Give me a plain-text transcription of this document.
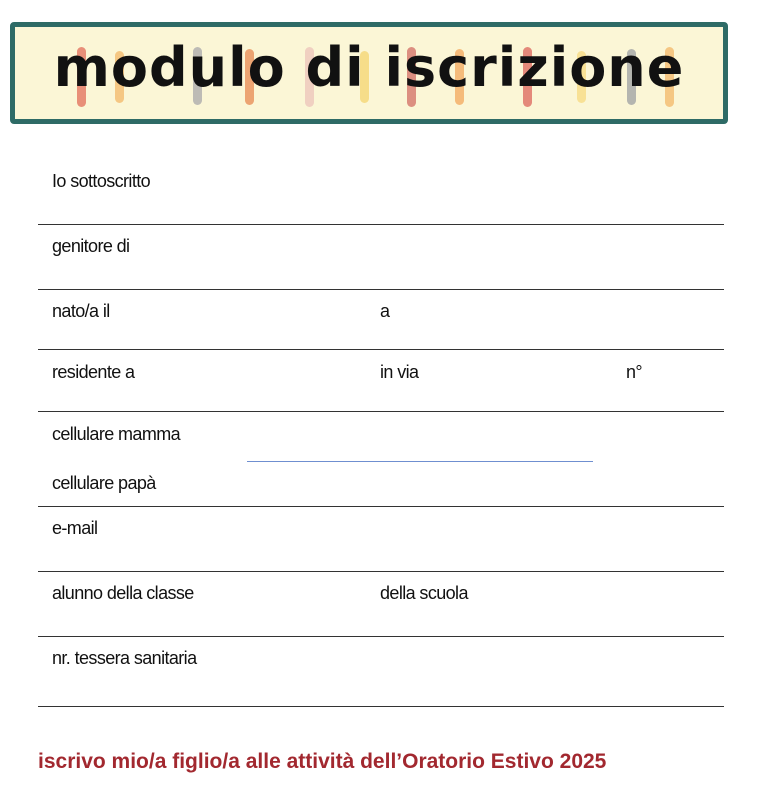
modulo di iscrizione
Io sottoscritto
genitore di
nato/a il	a
residente a	in via	n°
cellulare mamma
cellulare papà
e-mail
alunno della classe	della scuola
nr. tessera sanitaria
iscrivo mio/a figlio/a alle attività dell’Oratorio Estivo 2025
